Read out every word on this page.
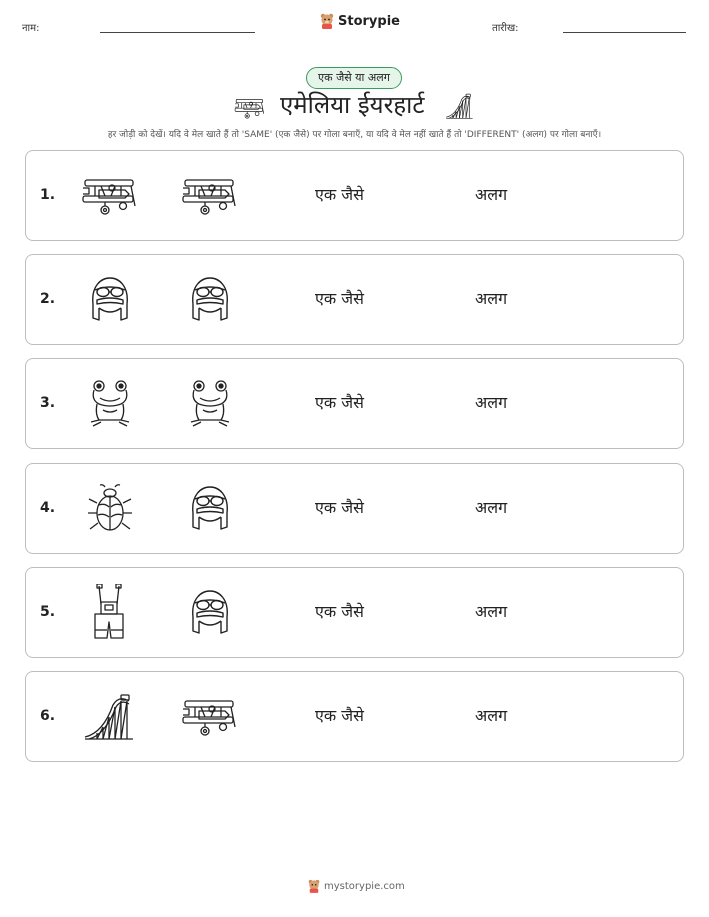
नाम:	Storypie	तारीख:
एक जैसे या अलग
एमेलिया ईयरहार्ट
हर जोड़ी को देखें। यदि वे मेल खाते हैं तो 'SAME' (एक जैसे) पर गोला बनाएँ, या यदि वे मेल नहीं खाते हैं तो 'DIFFERENT' (अलग) पर गोला बनाएँ।
1.	एक जैसे	अलग
2.	एक जैसे	अलग
3.	एक जैसे	अलग
4.	एक जैसे	अलग
5.	एक जैसे	अलग
6.	एक जैसे	अलग
mystorypie.com
